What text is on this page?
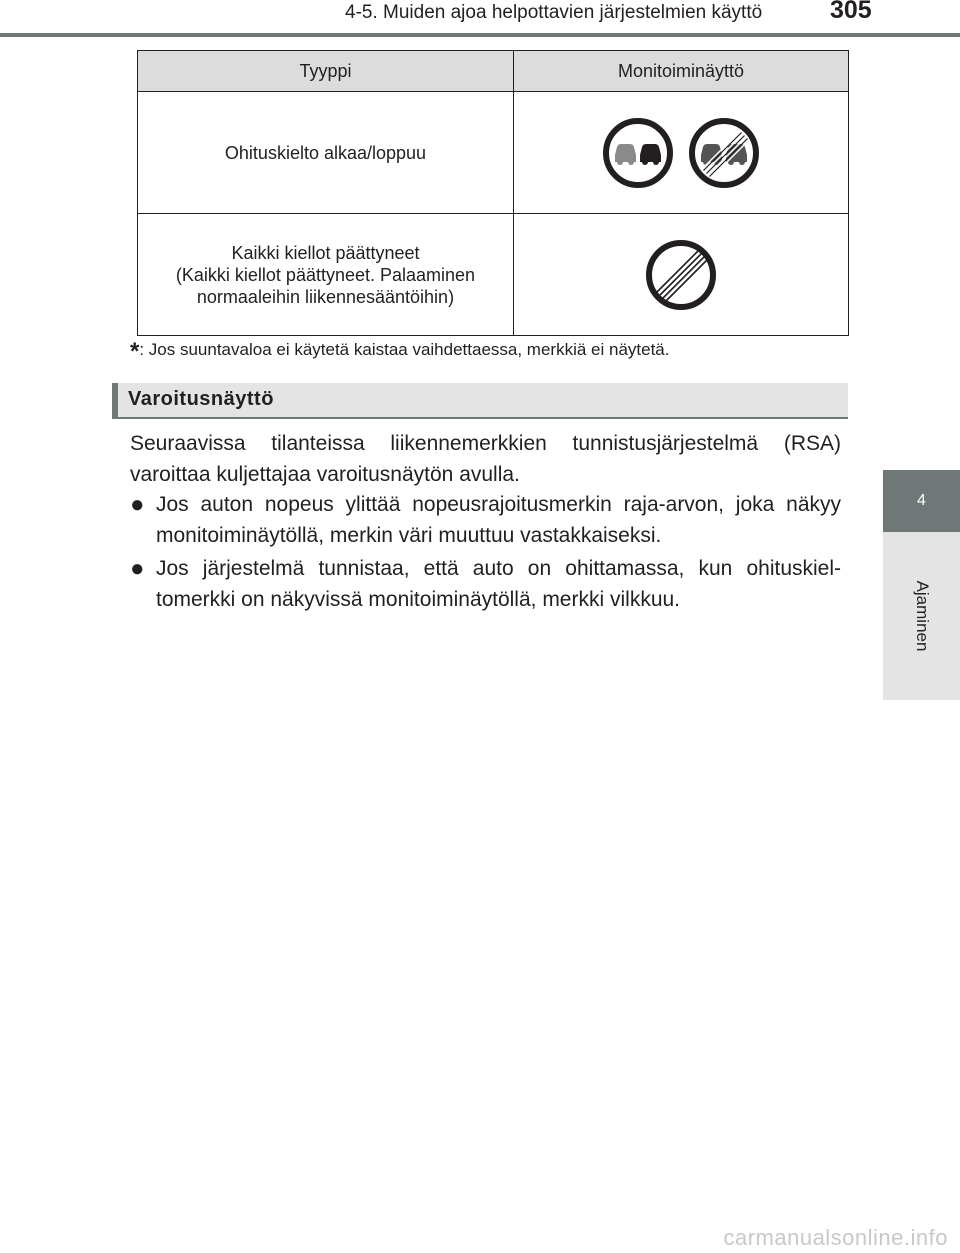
4-5. Muiden ajoa helpottavien järjestelmien käyttö	305
4
Ajaminen
Tyyppi	Monitoiminäyttö

Ohituskielto alkaa/loppuu

Kaikki kiellot päättyneet
(Kaikki kiellot päättyneet. Palaaminen
normaaleihin liikennesääntöihin)

*: Jos suuntavaloa ei käytetä kaistaa vaihdettaessa, merkkiä ei näytetä.
Varoitusnäyttö
Seuraavissa tilanteissa liikennemerkkien tunnistusjärjestelmä (RSA) varoittaa kuljettajaa varoitusnäytön avulla.
● Jos auton nopeus ylittää nopeusrajoitusmerkin raja-arvon, joka näkyy monitoiminäytöllä, merkin väri muuttuu vastakkaiseksi.
● Jos järjestelmä tunnistaa, että auto on ohittamassa, kun ohituskiel-tomerkki on näkyvissä monitoiminäytöllä, merkki vilkkuu.
carmanualsonline.info
